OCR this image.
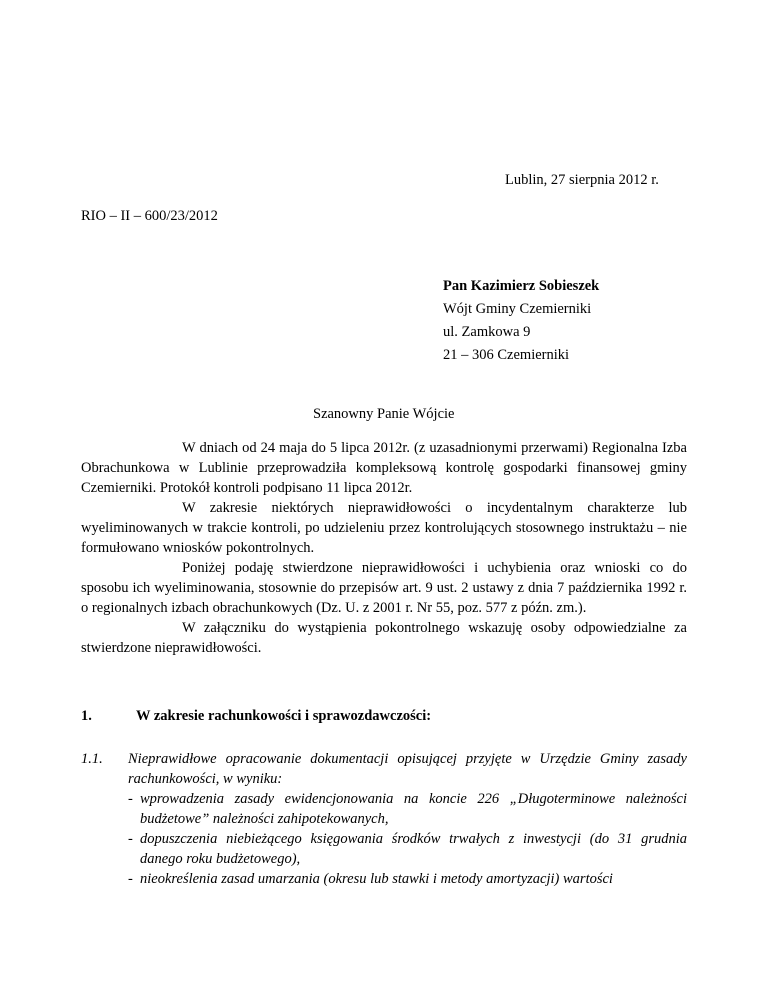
Lublin, 27 sierpnia 2012 r.
RIO – II – 600/23/2012
Pan Kazimierz Sobieszek
Wójt Gminy Czemierniki
ul. Zamkowa 9
21 – 306 Czemierniki
Szanowny Panie Wójcie
W dniach od 24 maja do 5 lipca 2012r. (z uzasadnionymi przerwami) Regionalna Izba Obrachunkowa w Lublinie przeprowadziła kompleksową kontrolę gospodarki finansowej gminy Czemierniki. Protokół kontroli podpisano 11 lipca 2012r.
W zakresie niektórych nieprawidłowości o incydentalnym charakterze lub wyeliminowanych w trakcie kontroli, po udzieleniu przez kontrolujących stosownego instruktażu – nie formułowano wniosków pokontrolnych.
Poniżej podaję stwierdzone nieprawidłowości i uchybienia oraz wnioski co do sposobu ich wyeliminowania, stosownie do przepisów art. 9 ust. 2 ustawy z dnia 7 października 1992 r. o regionalnych izbach obrachunkowych (Dz. U. z 2001 r. Nr 55, poz. 577 z późn. zm.).
W załączniku do wystąpienia pokontrolnego wskazuję osoby odpowiedzialne za stwierdzone nieprawidłowości.
1.	W zakresie rachunkowości i sprawozdawczości:
1.1. Nieprawidłowe opracowanie dokumentacji opisującej przyjęte w Urzędzie Gminy zasady rachunkowości, w wyniku:
- wprowadzenia zasady ewidencjonowania na koncie 226 „Długoterminowe należności budżetowe” należności zahipotekowanych,
- dopuszczenia niebieżącego księgowania środków trwałych z inwestycji (do 31 grudnia danego roku budżetowego),
- nieokreślenia zasad umarzania (okresu lub stawki i metody amortyzacji) wartości
